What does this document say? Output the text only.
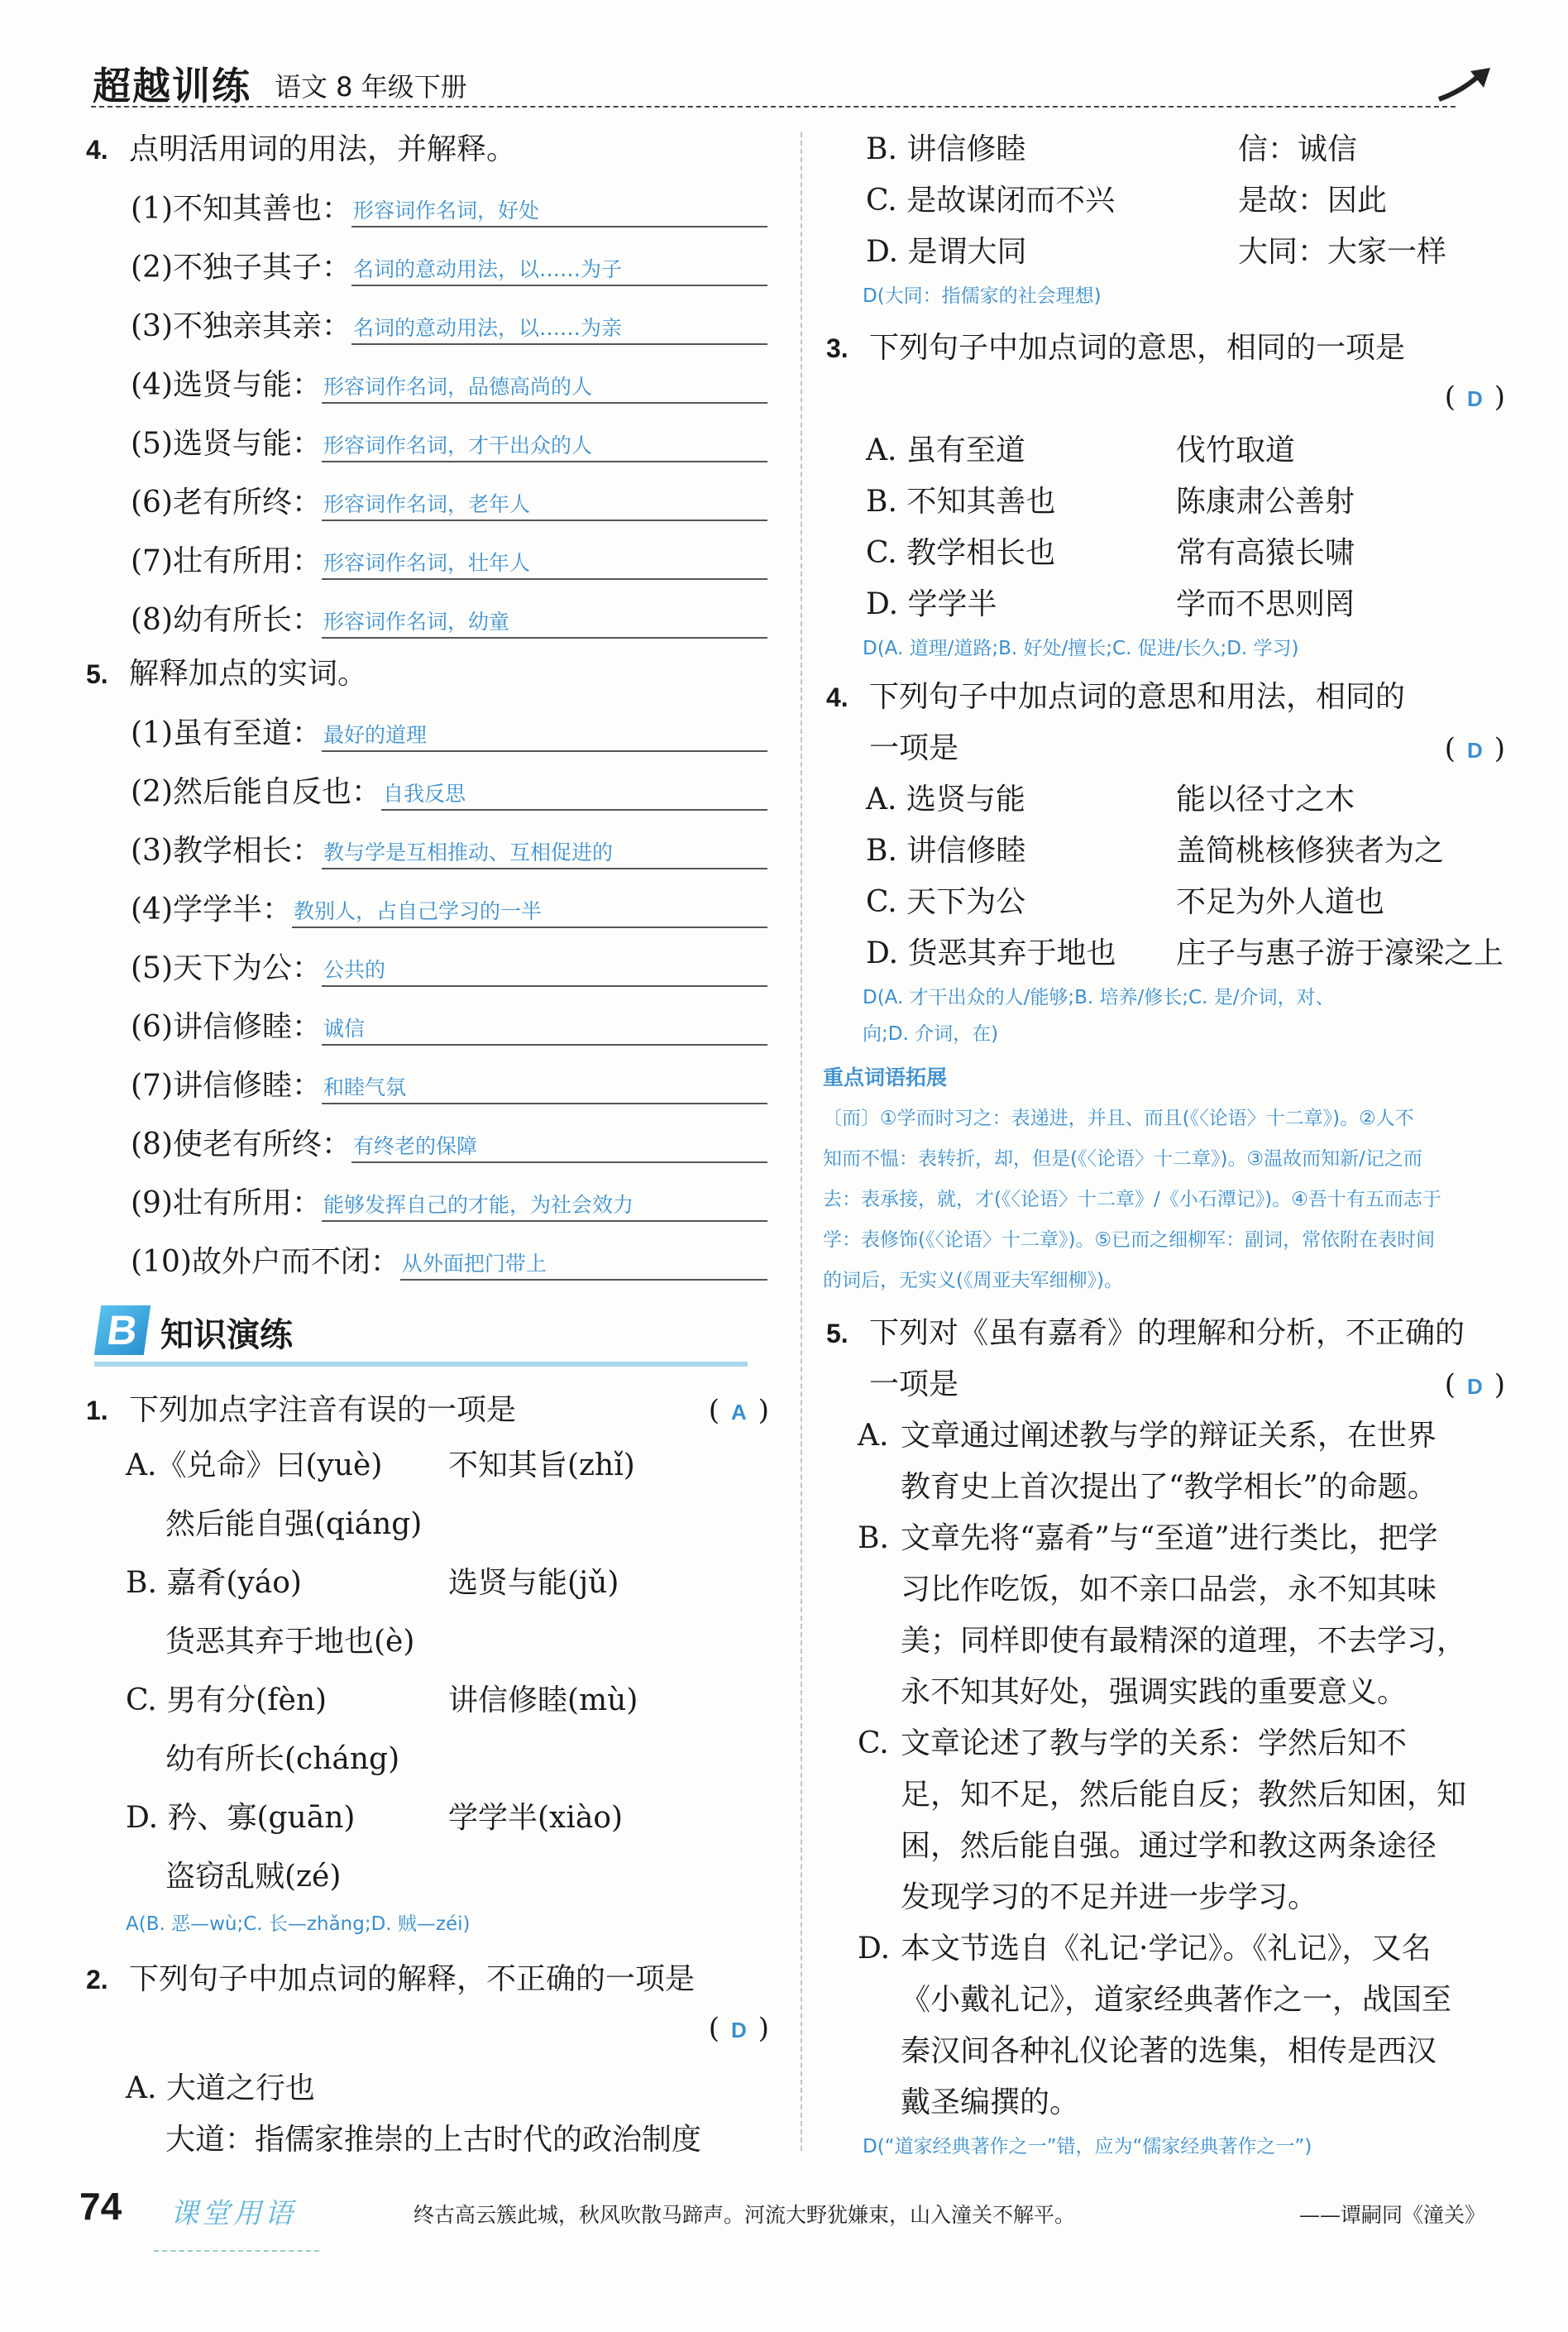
超越训练 语文 8 年级下册
4. 点明活用词的用法，并解释。
(1)不知其善也： 形容词作名词，好处
(2)不独子其子： 名词的意动用法，以……为子
(3)不独亲其亲： 名词的意动用法，以……为亲
(4)选贤与能： 形容词作名词，品德高尚的人
(5)选贤与能： 形容词作名词，才干出众的人
(6)老有所终： 形容词作名词，老年人
(7)壮有所用： 形容词作名词，壮年人
(8)幼有所长： 形容词作名词，幼童
5. 解释加点的实词。
(1)虽有至道： 最好的道理
(2)然后能自反也： 自我反思
(3)教学相长： 教与学是互相推动、互相促进的
(4)学学半： 教别人，占自己学习的一半
(5)天下为公： 公共的
(6)讲信修睦： 诚信
(7)讲信修睦： 和睦气氛
(8)使老有所终： 有终老的保障
(9)壮有所用： 能够发挥自己的才能，为社会效力
(10)故外户而不闭： 从外面把门带上
B 知识演练
1. 下列加点字注音有误的一项是	( A )
A.《兑命》曰(yuè)	不知其旨(zhǐ)
然后能自强(qiáng)
B. 嘉肴(yáo)	选贤与能(jǔ)
货恶其弃于地也(è)
C. 男有分(fèn)	讲信修睦(mù)
幼有所长(cháng)
D. 矜、寡(guān)	学学半(xiào)
盗窃乱贼(zé)
A(B. 恶—wù;C. 长—zhǎng;D. 贼—zéi)
2. 下列句子中加点词的解释，不正确的一项是
( D )
A. 大道之行也
大道：指儒家推崇的上古时代的政治制度
B. 讲信修睦	信：诚信
C. 是故谋闭而不兴	是故：因此
D. 是谓大同	大同：大家一样
D(大同：指儒家的社会理想)
3. 下列句子中加点词的意思，相同的一项是
( D )
A. 虽有至道	伐竹取道
B. 不知其善也	陈康肃公善射
C. 教学相长也	常有高猿长啸
D. 学学半	学而不思则罔
D(A. 道理/道路;B. 好处/擅长;C. 促进/长久;D. 学习)
4. 下列句子中加点词的意思和用法，相同的
一项是	( D )
A. 选贤与能	能以径寸之木
B. 讲信修睦	盖简桃核修狭者为之
C. 天下为公	不足为外人道也
D. 货恶其弃于地也	庄子与惠子游于濠梁之上
D(A. 才干出众的人/能够;B. 培养/修长;C. 是/介词，对、
向;D. 介词，在)
重点词语拓展
〔而〕①学而时习之：表递进，并且、而且(《〈论语〉十二章》)。②人不
知而不愠：表转折，却，但是(《〈论语〉十二章》)。③温故而知新/记之而
去：表承接，就，才(《〈论语〉十二章》/《小石潭记》)。④吾十有五而志于
学：表修饰(《〈论语〉十二章》)。⑤已而之细柳军：副词，常依附在表时间
的词后，无实义(《周亚夫军细柳》)。
5. 下列对《虽有嘉肴》的理解和分析，不正确的
一项是	( D )
A. 文章通过阐述教与学的辩证关系，在世界
教育史上首次提出了“教学相长”的命题。
B. 文章先将“嘉肴”与“至道”进行类比，把学
习比作吃饭，如不亲口品尝，永不知其味
美；同样即使有最精深的道理，不去学习，
永不知其好处，强调实践的重要意义。
C. 文章论述了教与学的关系：学然后知不
足，知不足，然后能自反；教然后知困，知
困，然后能自强。通过学和教这两条途径
发现学习的不足并进一步学习。
D. 本文节选自《礼记·学记》。《礼记》，又名
《小戴礼记》，道家经典著作之一，战国至
秦汉间各种礼仪论著的选集，相传是西汉
戴圣编撰的。
D(“道家经典著作之一”错，应为“儒家经典著作之一”)
74 课堂用语	终古高云簇此城，秋风吹散马蹄声。河流大野犹嫌束，山入潼关不解平。	——谭嗣同《潼关》
